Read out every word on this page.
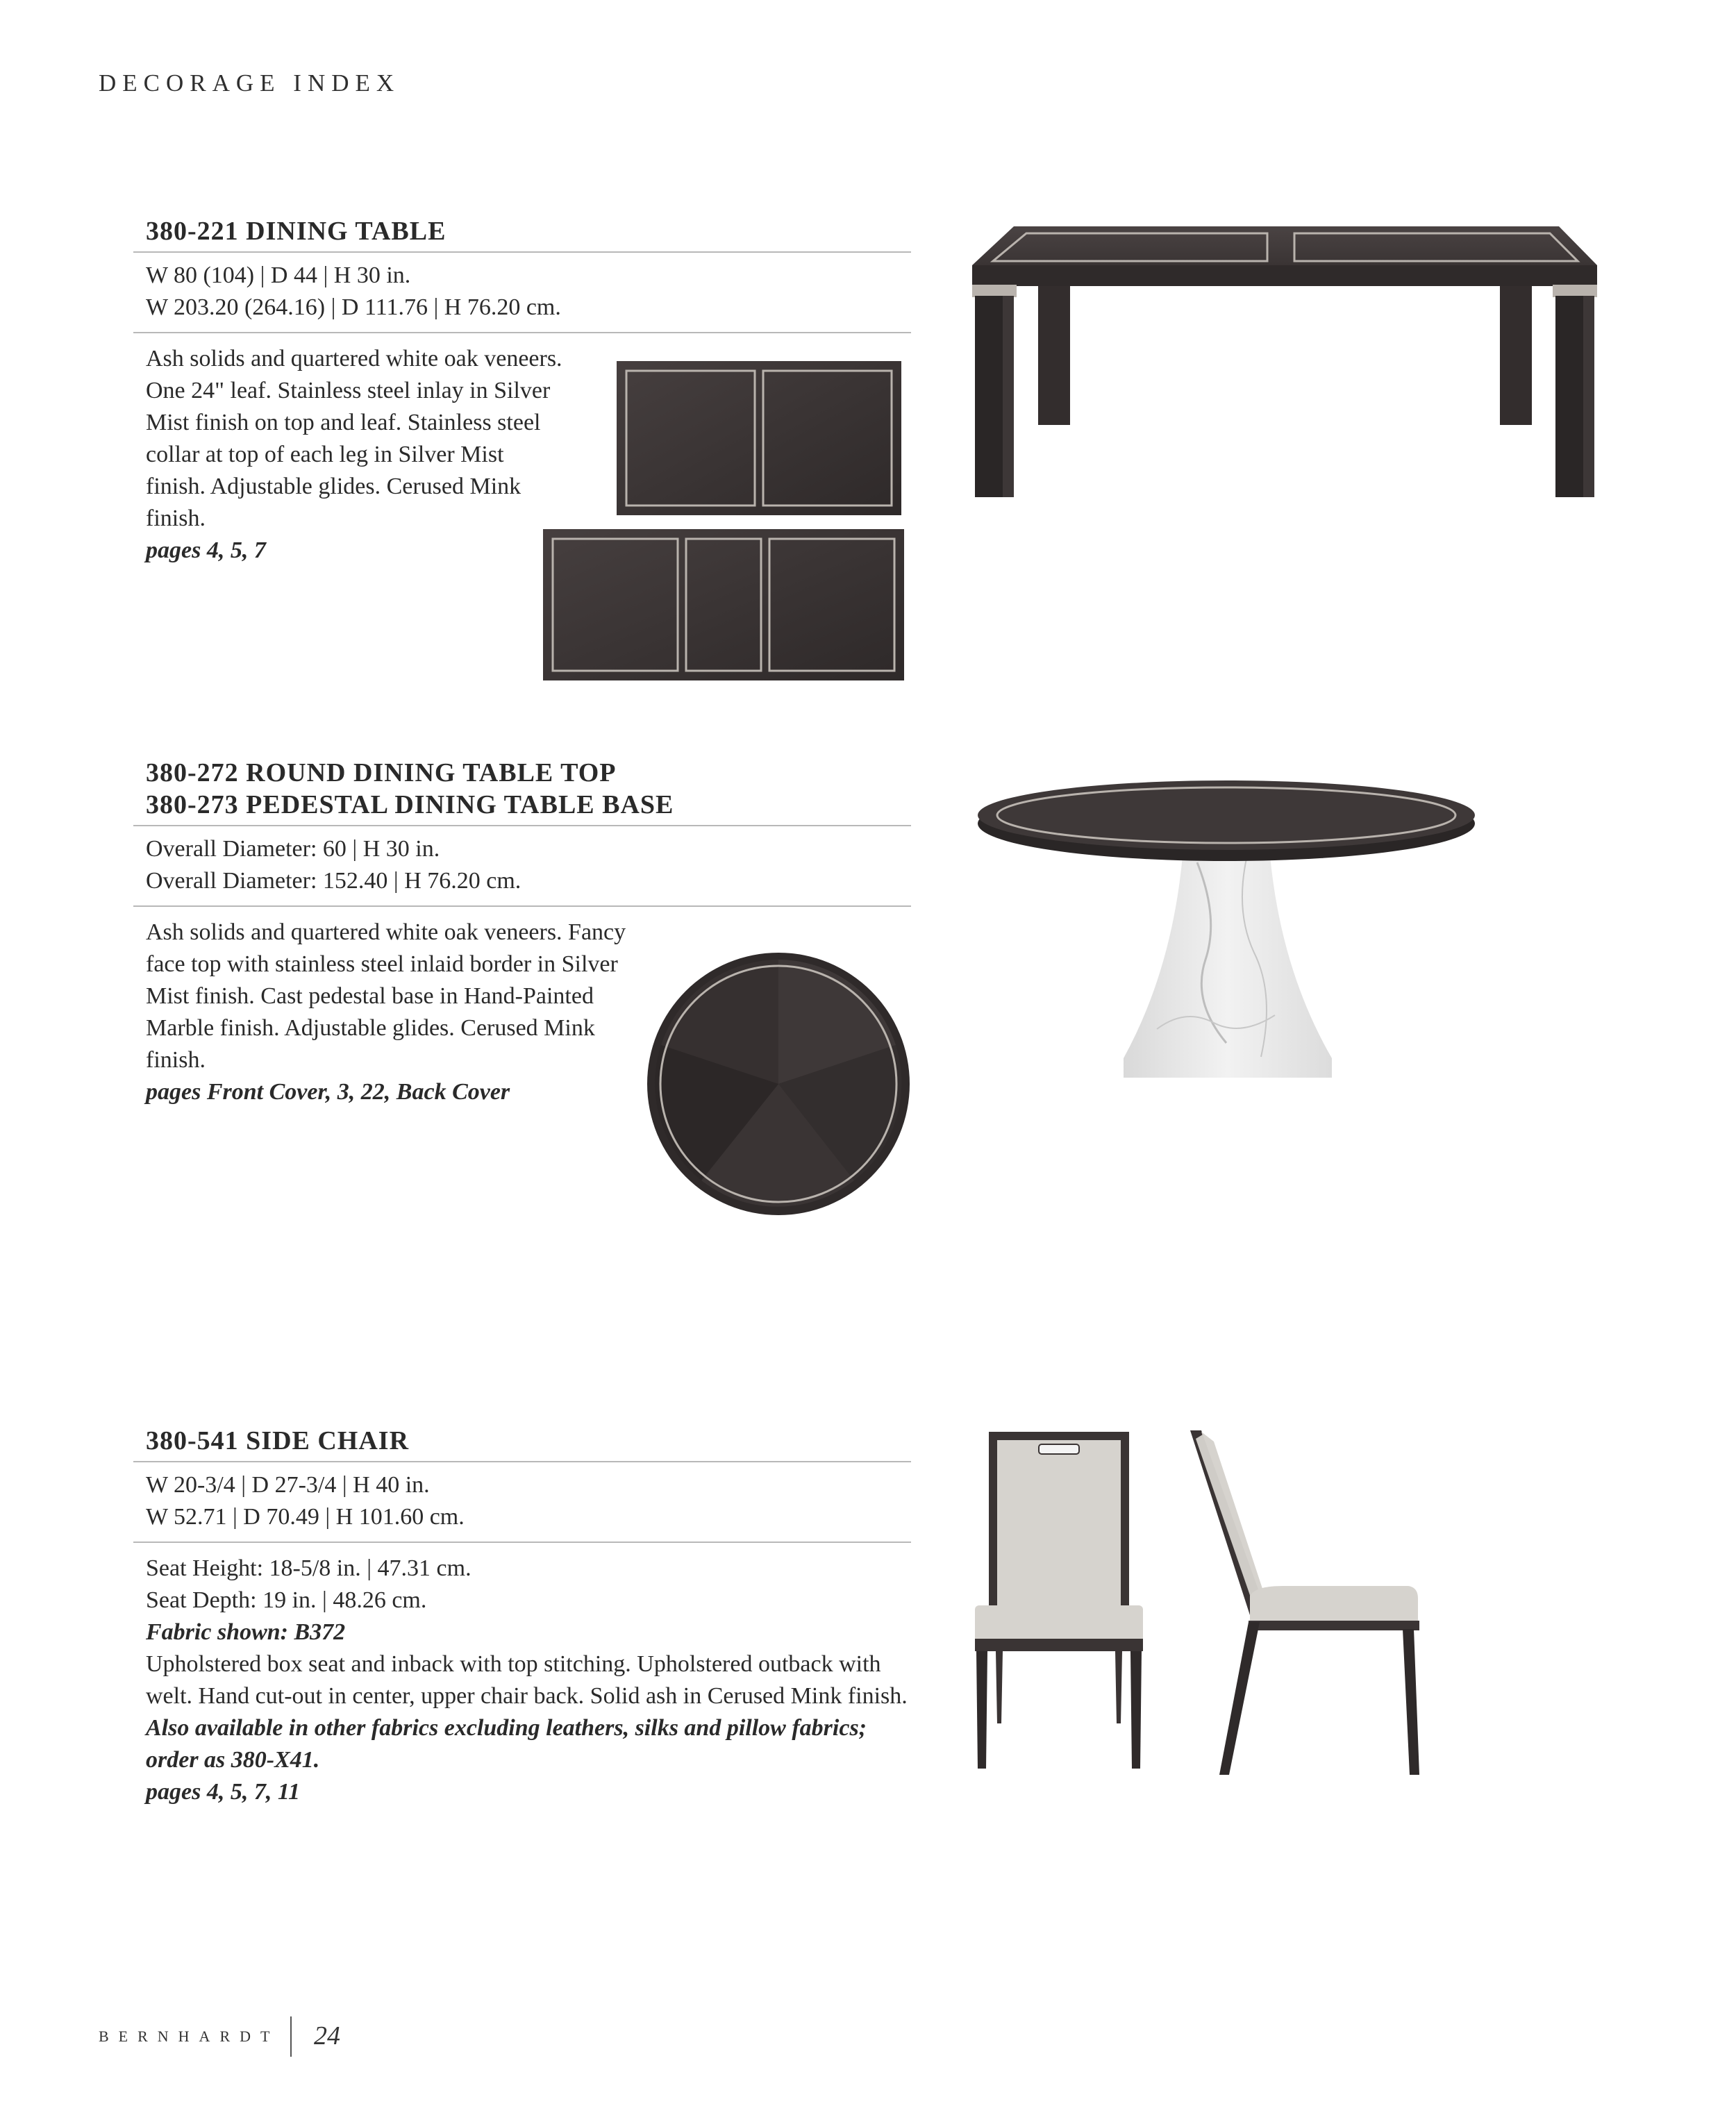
DECORAGE INDEX
380-221 DINING TABLE
W 80 (104) | D 44 | H 30 in.
W 203.20 (264.16) | D 111.76 | H 76.20 cm.
Ash solids and quartered white oak veneers. One 24" leaf. Stainless steel inlay in Silver Mist finish on top and leaf. Stainless steel collar at top of each leg in Silver Mist finish. Adjustable glides. Cerused Mink finish.
pages 4, 5, 7
380-272 ROUND DINING TABLE TOP
380-273 PEDESTAL DINING TABLE BASE
Overall Diameter: 60 | H 30 in.
Overall Diameter: 152.40 | H 76.20 cm.
Ash solids and quartered white oak veneers. Fancy face top with stainless steel inlaid border in Silver Mist finish. Cast pedestal base in Hand-Painted Marble finish. Adjustable glides. Cerused Mink finish.
pages Front Cover, 3, 22, Back Cover
380-541 SIDE CHAIR
W 20-3/4 | D 27-3/4 | H 40 in.
W 52.71 | D 70.49 | H 101.60 cm.
Seat Height: 18-5/8 in. | 47.31 cm.
Seat Depth: 19 in. | 48.26 cm.
Fabric shown: B372
Upholstered box seat and inback with top stitching. Upholstered outback with welt. Hand cut-out in center, upper chair back. Solid ash in Cerused Mink finish.
Also available in other fabrics excluding leathers, silks and pillow fabrics; order as 380-X41.
pages 4, 5, 7, 11
BERNHARDT 24
